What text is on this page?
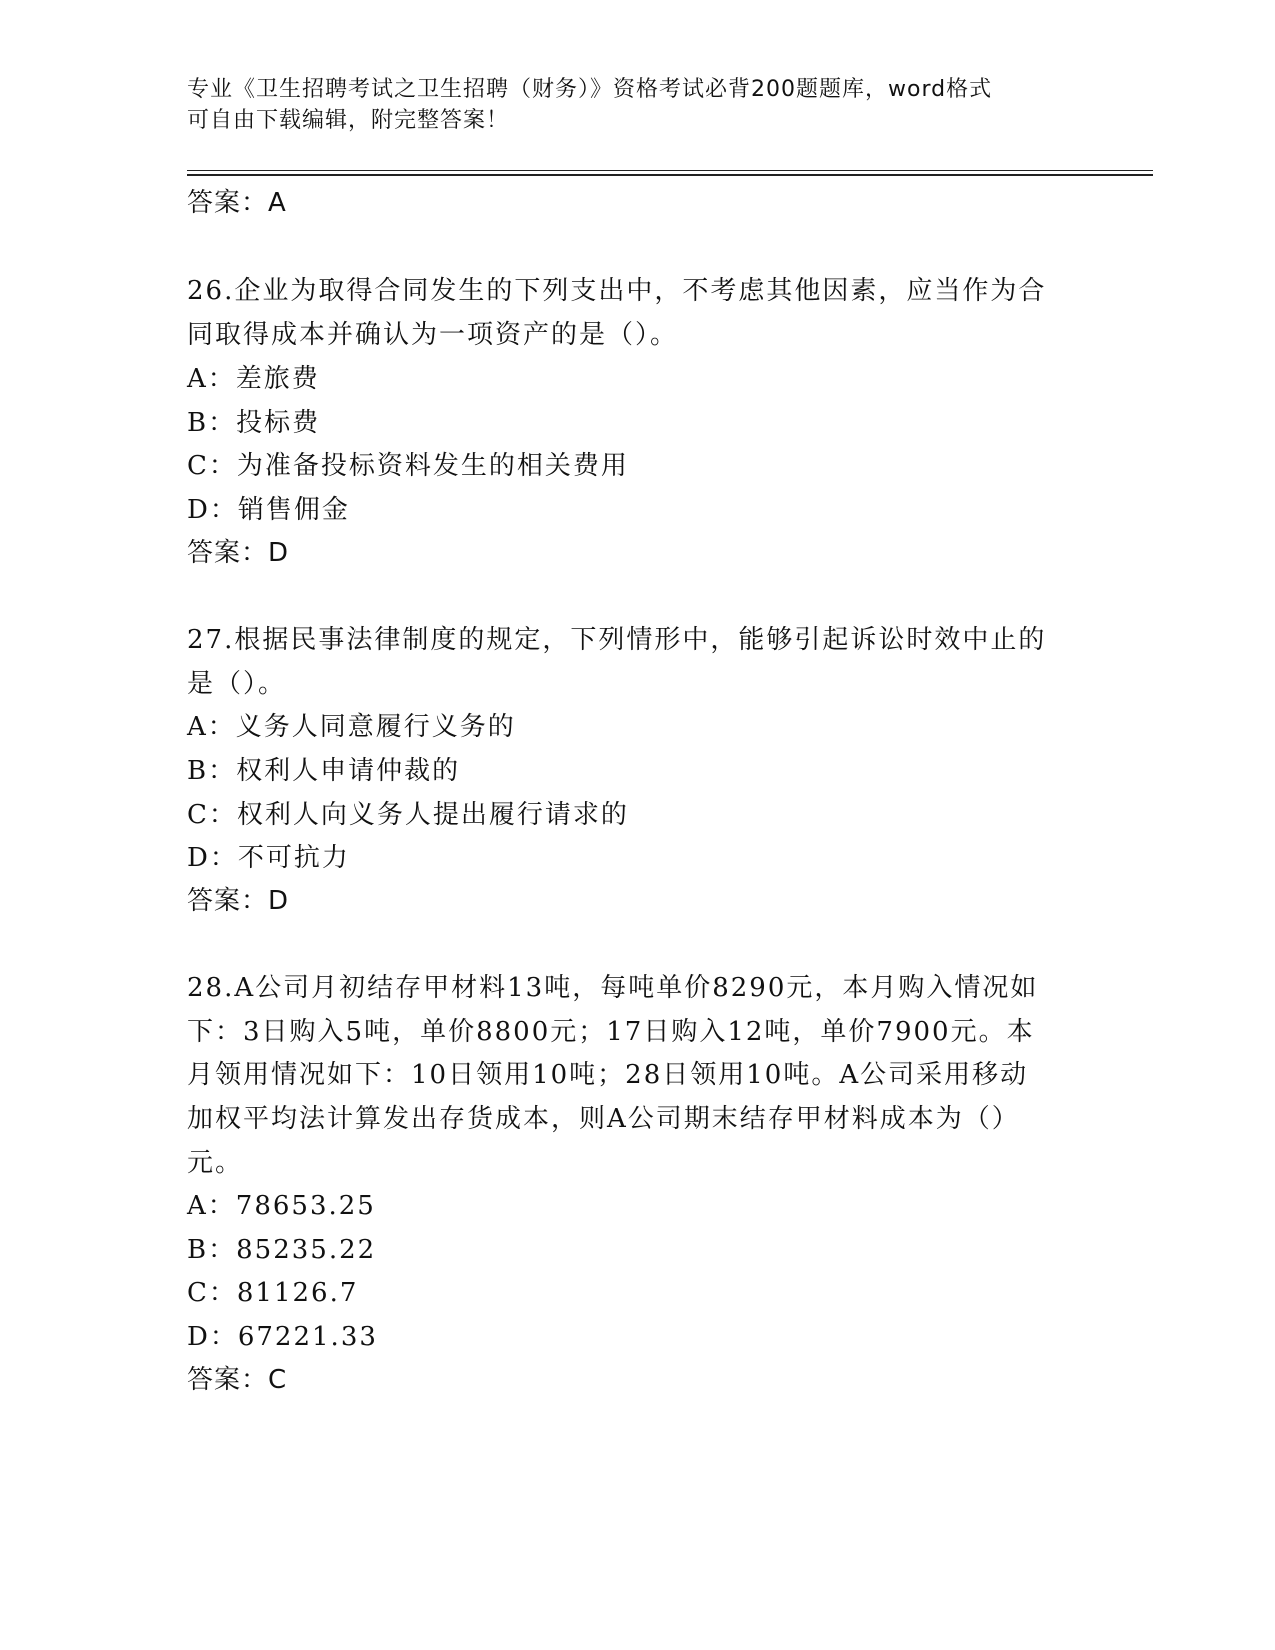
专业《卫生招聘考试之卫生招聘（财务）》资格考试必背200题题库，word格式
可自由下载编辑，附完整答案！
答案：A
26.企业为取得合同发生的下列支出中，不考虑其他因素，应当作为合
同取得成本并确认为一项资产的是（）。
A：差旅费
B：投标费
C：为准备投标资料发生的相关费用
D：销售佣金
答案：D
27.根据民事法律制度的规定，下列情形中，能够引起诉讼时效中止的
是（）。
A：义务人同意履行义务的
B：权利人申请仲裁的
C：权利人向义务人提出履行请求的
D：不可抗力
答案：D
28.A公司月初结存甲材料13吨，每吨单价8290元，本月购入情况如
下：3日购入5吨，单价8800元；17日购入12吨，单价7900元。本
月领用情况如下：10日领用10吨；28日领用10吨。A公司采用移动
加权平均法计算发出存货成本，则A公司期末结存甲材料成本为（）
元。
A：78653.25
B：85235.22
C：81126.7
D：67221.33
答案：C
